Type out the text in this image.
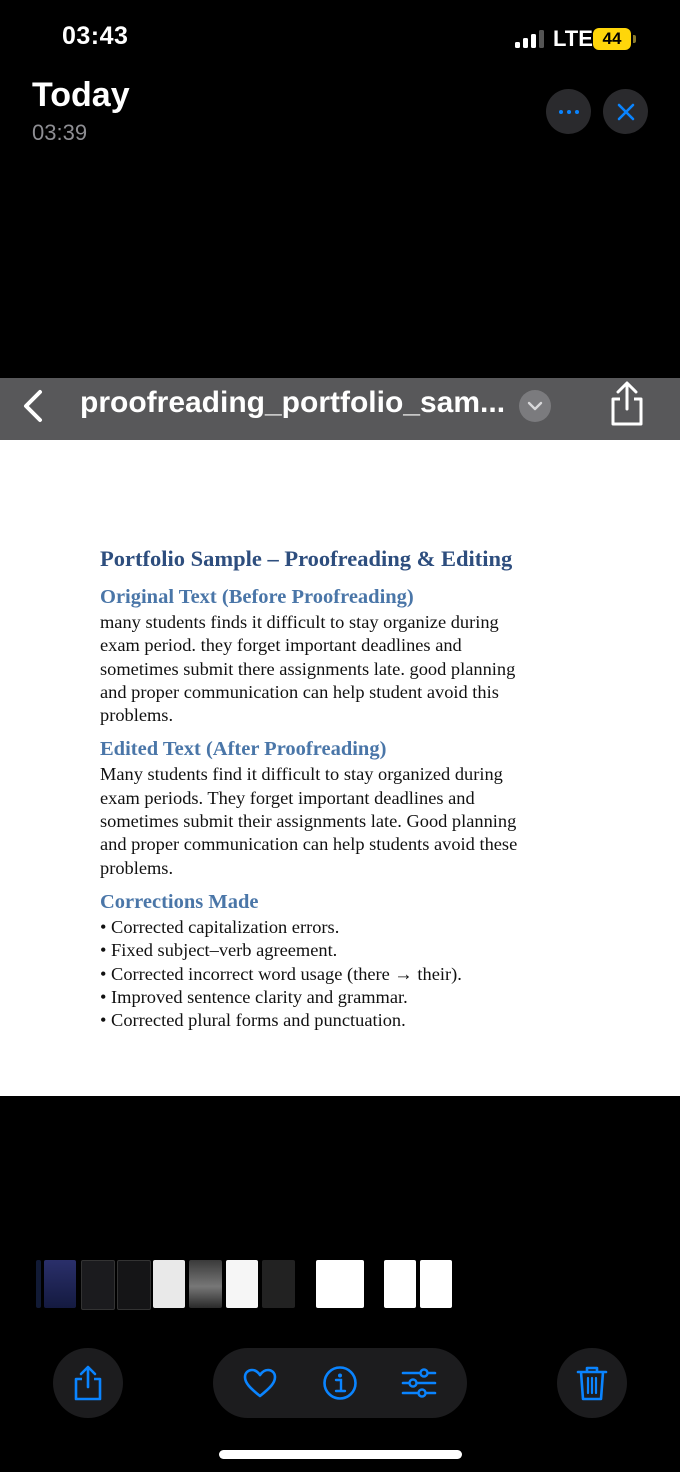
03:43	LTE 44
Today
03:39
proofreading_portfolio_sam...
Portfolio Sample – Proofreading & Editing
Original Text (Before Proofreading)
many students finds it difficult to stay organize during
exam period. they forget important deadlines and
sometimes submit there assignments late. good planning
and proper communication can help student avoid this
problems.
Edited Text (After Proofreading)
Many students find it difficult to stay organized during
exam periods. They forget important deadlines and
sometimes submit their assignments late. Good planning
and proper communication can help students avoid these
problems.
Corrections Made
• Corrected capitalization errors.
• Fixed subject–verb agreement.
• Corrected incorrect word usage (there → their).
• Improved sentence clarity and grammar.
• Corrected plural forms and punctuation.
